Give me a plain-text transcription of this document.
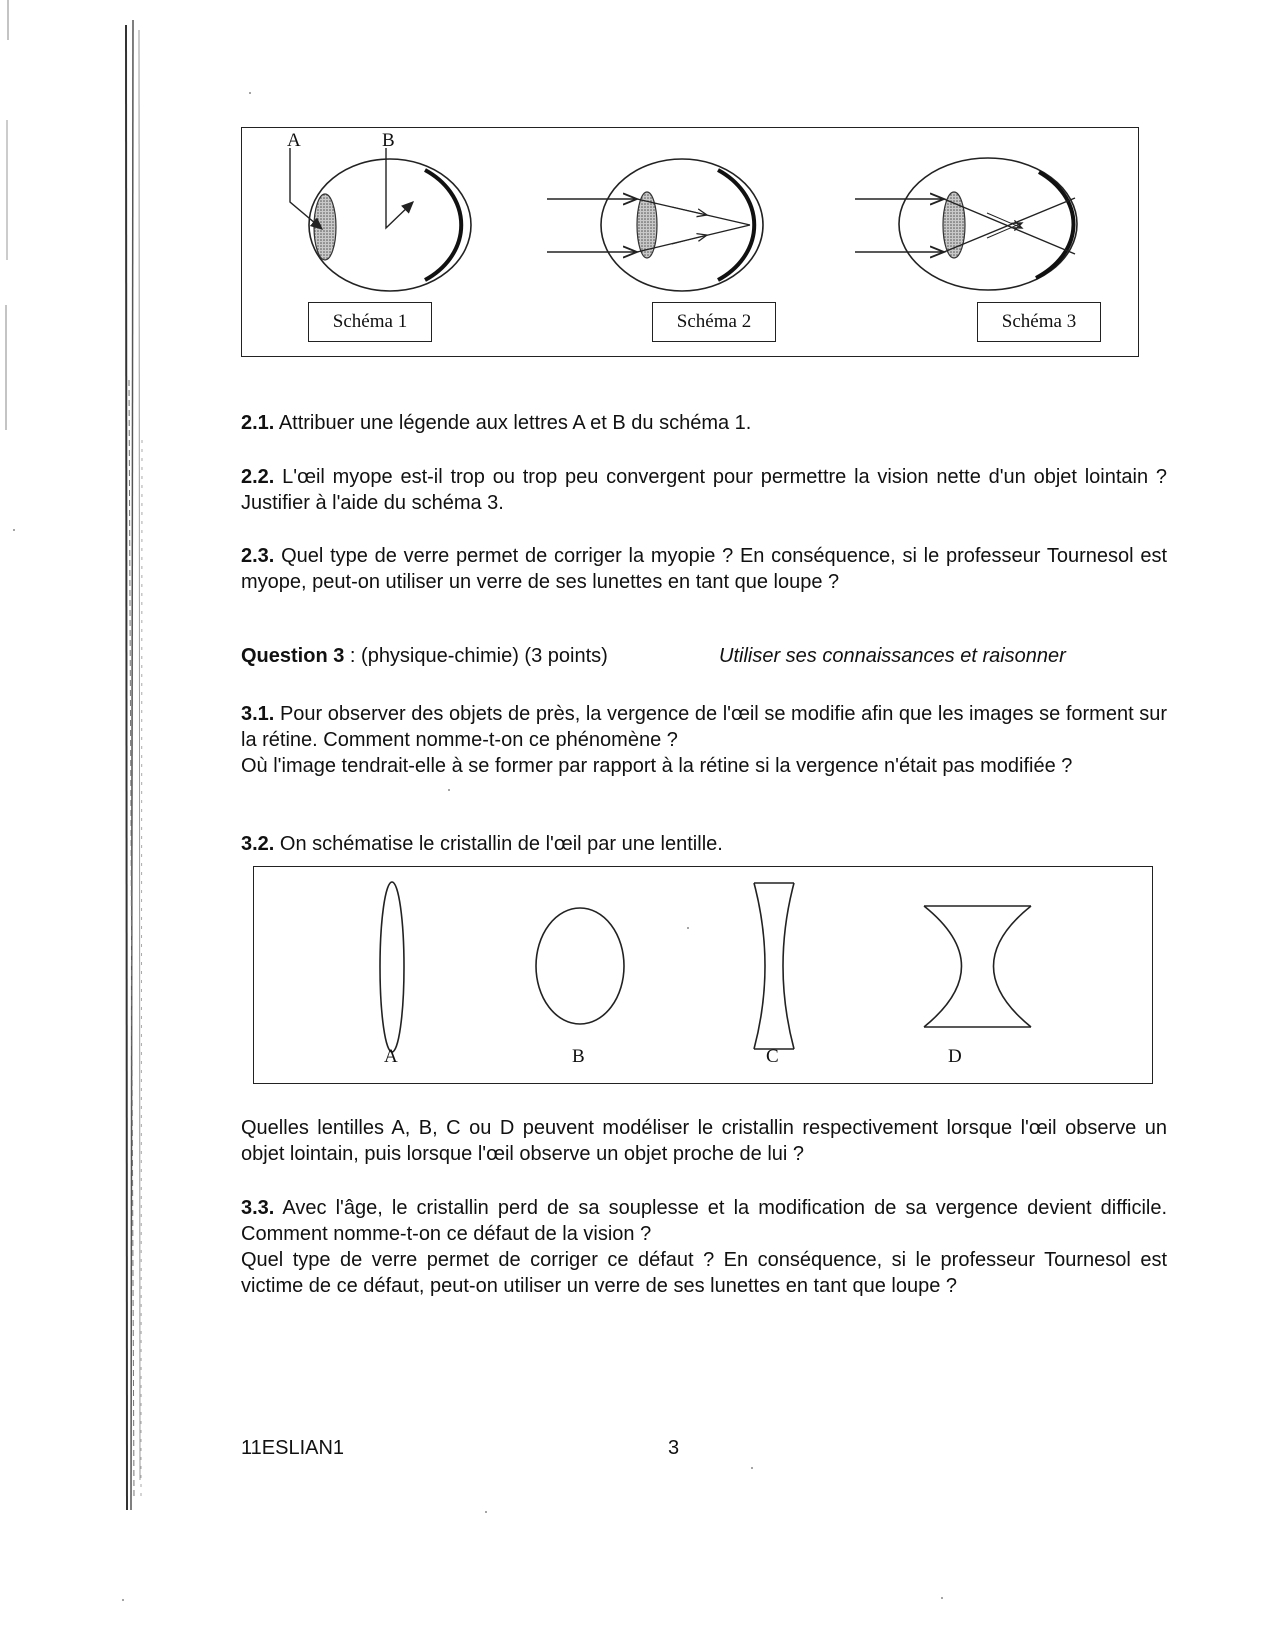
A	B
Schéma 1	Schéma 2	Schéma 3

2.1. Attribuer une légende aux lettres A et B du schéma 1.

2.2. L'œil myope est-il trop ou trop peu convergent pour permettre la vision nette d'un objet lointain ? Justifier à l'aide du schéma 3.

2.3. Quel type de verre permet de corriger la myopie ? En conséquence, si le professeur Tournesol est myope, peut-on utiliser un verre de ses lunettes en tant que loupe ?

Question 3 : (physique-chimie) (3 points)	Utiliser ses connaissances et raisonner

3.1. Pour observer des objets de près, la vergence de l'œil se modifie afin que les images se forment sur la rétine. Comment nomme-t-on ce phénomène ?
Où l'image tendrait-elle à se former par rapport à la rétine si la vergence n'était pas modifiée ?

3.2. On schématise le cristallin de l'œil par une lentille.

A	B	C	D

Quelles lentilles A, B, C ou D peuvent modéliser le cristallin respectivement lorsque l'œil observe un objet lointain, puis lorsque l'œil observe un objet proche de lui ?

3.3. Avec l'âge, le cristallin perd de sa souplesse et la modification de sa vergence devient difficile. Comment nomme-t-on ce défaut de la vision ?
Quel type de verre permet de corriger ce défaut ? En conséquence, si le professeur Tournesol est victime de ce défaut, peut-on utiliser un verre de ses lunettes en tant que loupe ?

11ESLIAN1	3
